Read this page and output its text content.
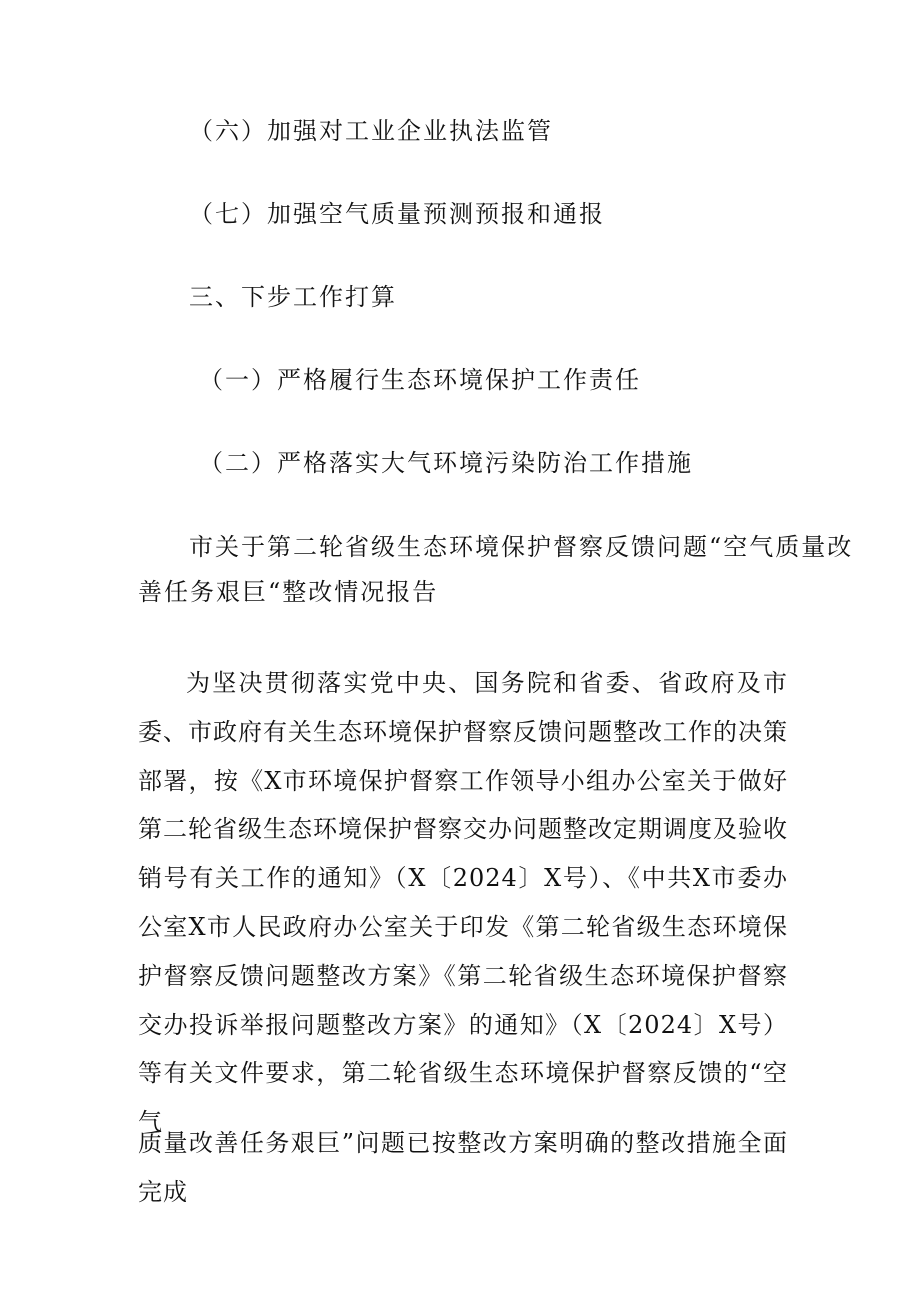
（六）加强对工业企业执法监管
（七）加强空气质量预测预报和通报
三、下步工作打算
（一）严格履行生态环境保护工作责任
（二）严格落实大气环境污染防治工作措施
市关于第二轮省级生态环境保护督察反馈问题“空气质量改
善任务艰巨“整改情况报告

为坚决贯彻落实党中央、国务院和省委、省政府及市委、市政府有关生态环境保护督察反馈问题整改工作的决策部署，按《X市环境保护督察工作领导小组办公室关于做好第二轮省级生态环境保护督察交办问题整改定期调度及验收销号有关工作的通知》（X〔2024〕X号）、《中共X市委办公室X市人民政府办公室关于印发《第二轮省级生态环境保护督察反馈问题整改方案》《第二轮省级生态环境保护督察交办投诉举报问题整改方案》的通知》（X〔2024〕X号）等有关文件要求，第二轮省级生态环境保护督察反馈的“空气

质量改善任务艰巨”问题已按整改方案明确的整改措施全面完成
